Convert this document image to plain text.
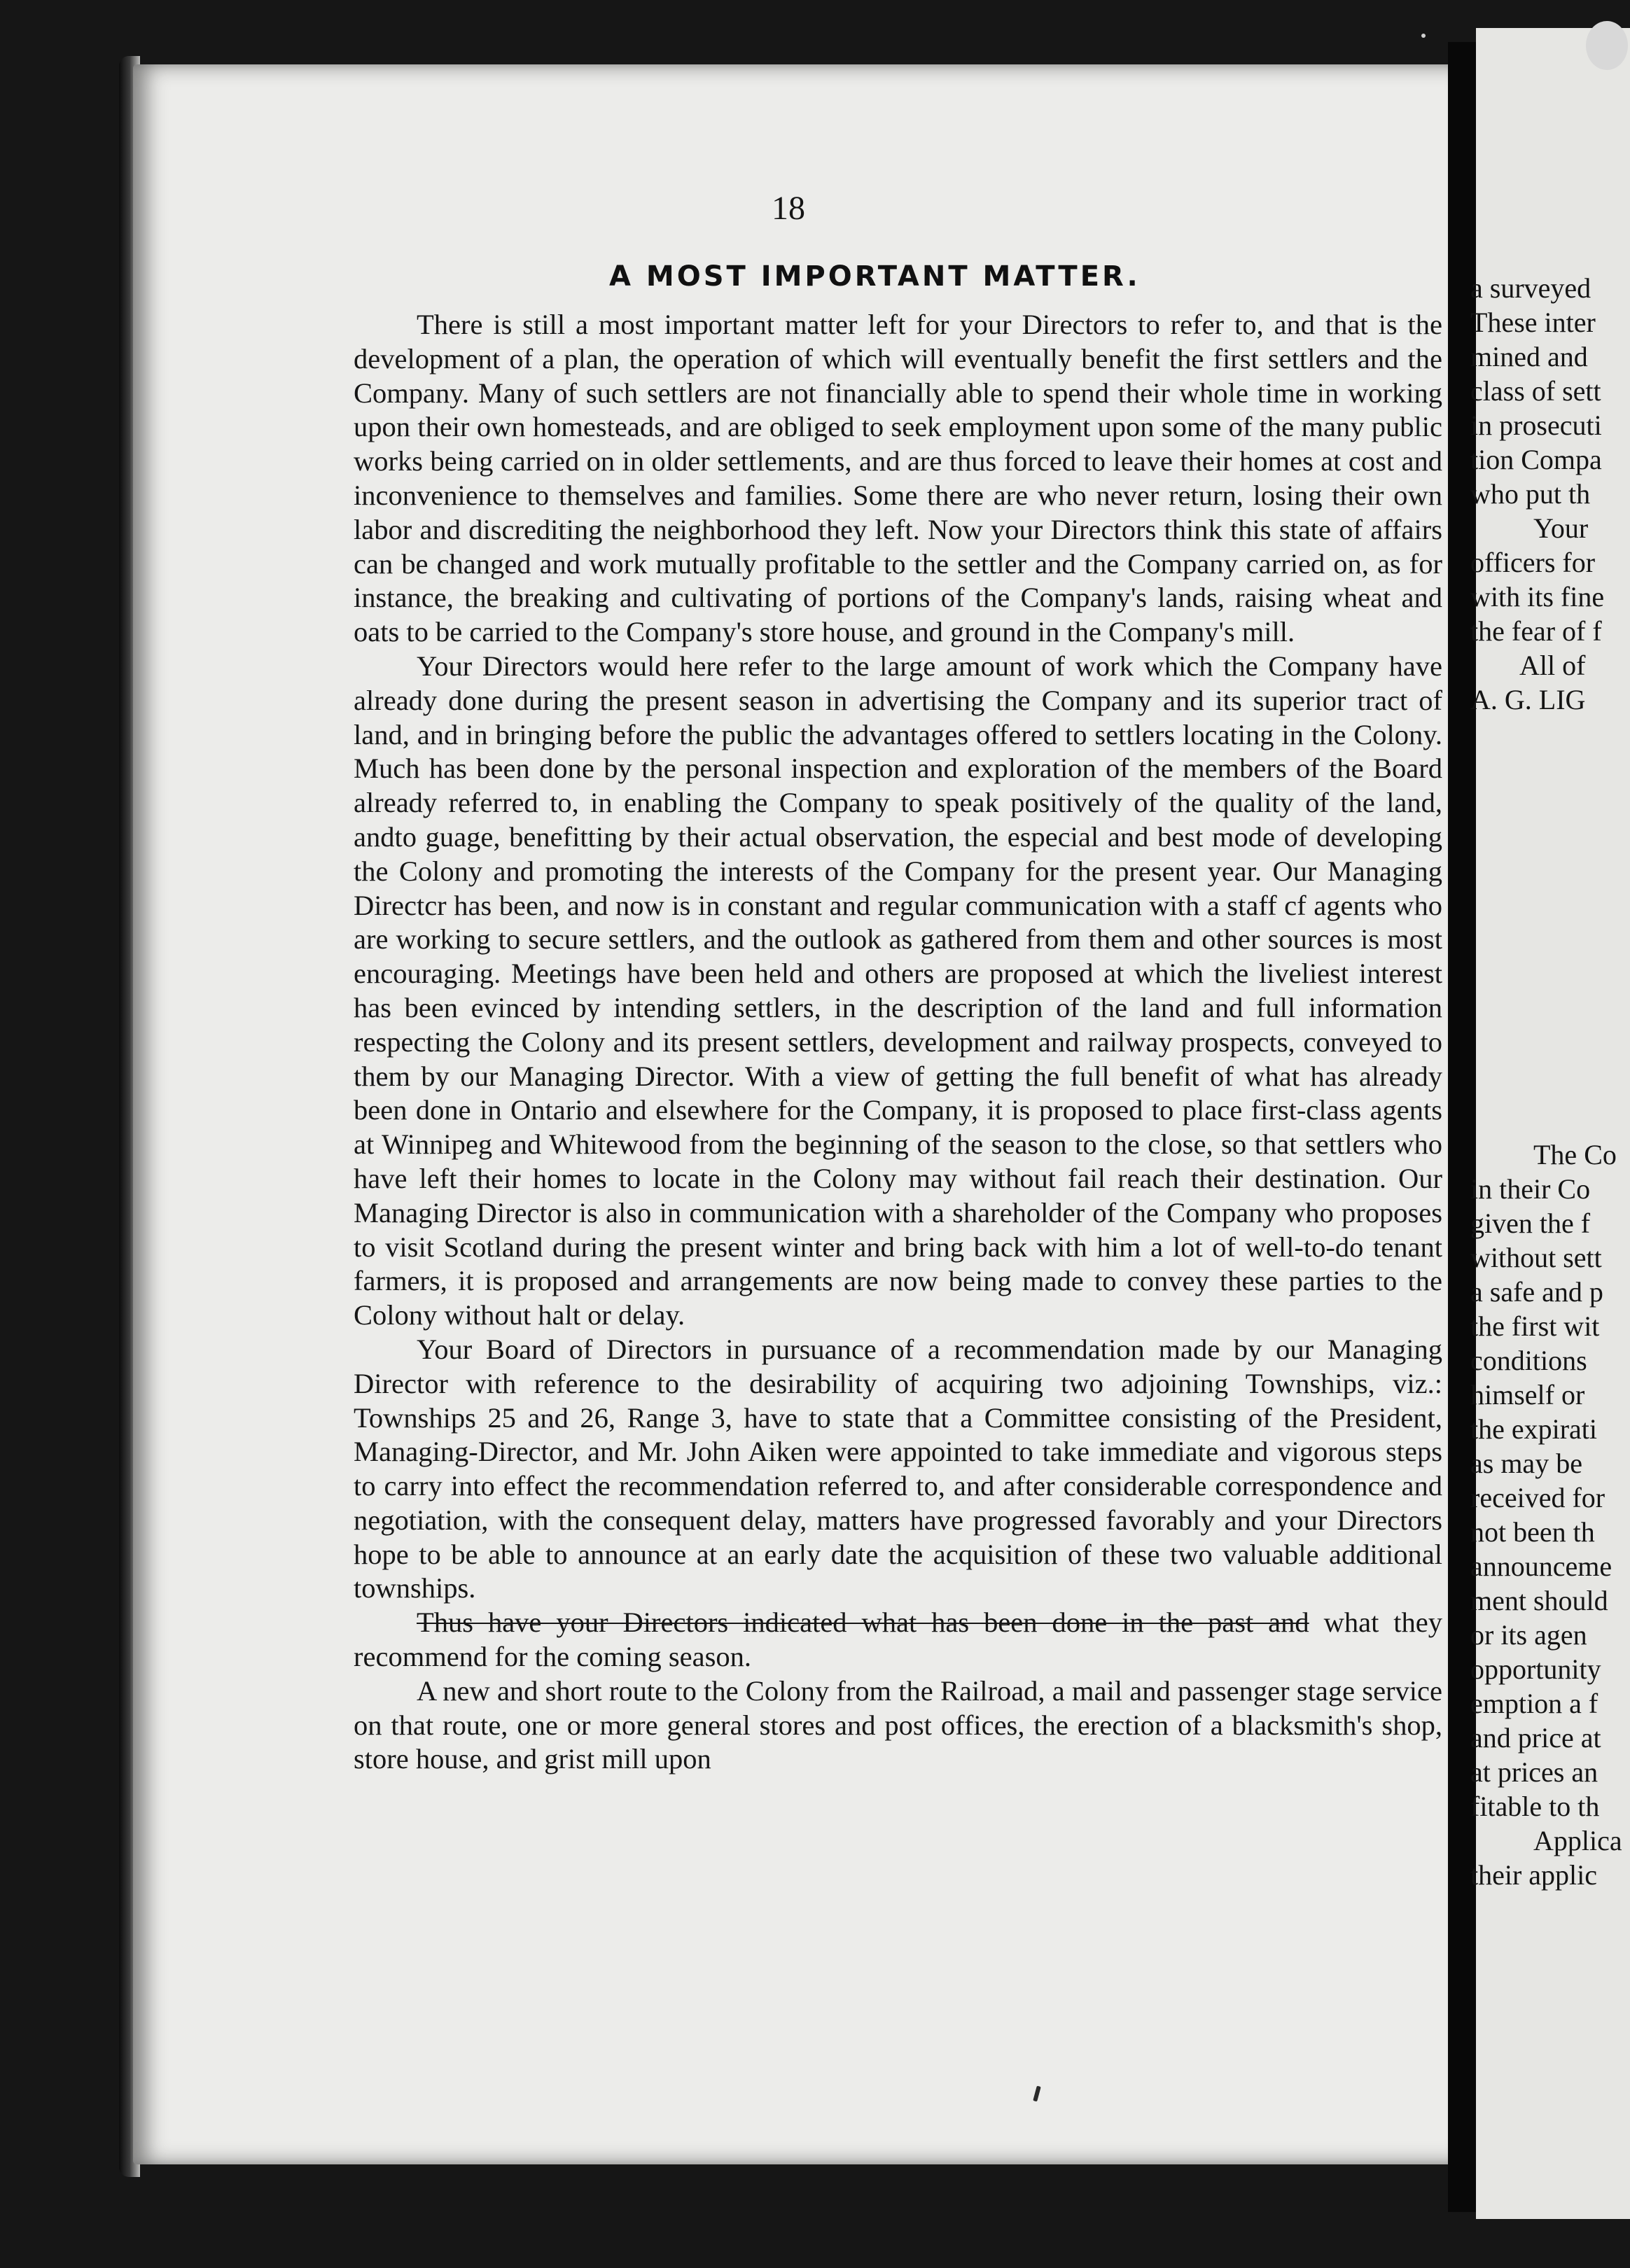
18
A MOST IMPORTANT MATTER.

There is still a most important matter left for your Directors to refer to, and that is the development of a plan, the operation of which will eventually benefit the first settlers and the Company. Many of such settlers are not financially able to spend their whole time in working upon their own homesteads, and are obliged to seek employment upon some of the many public works being carried on in older settlements, and are thus forced to leave their homes at cost and inconvenience to themselves and families. Some there are who never return, losing their own labor and discrediting the neighborhood they left. Now your Directors think this state of affairs can be changed and work mutually profitable to the settler and the Company carried on, as for instance, the breaking and cultivating of portions of the Company's lands, raising wheat and oats to be carried to the Company's store house, and ground in the Company's mill.

Your Directors would here refer to the large amount of work which the Company have already done during the present season in advertising the Company and its superior tract of land, and in bringing before the public the advantages offered to settlers locating in the Colony. Much has been done by the personal inspection and exploration of the members of the Board already referred to, in enabling the Company to speak positively of the quality of the land, andto guage, benefitting by their actual observation, the especial and best mode of developing the Colony and promoting the interests of the Company for the present year. Our Managing Directcr has been, and now is in constant and regular communication with a staff cf agents who are working to secure settlers, and the outlook as gathered from them and other sources is most encouraging. Meetings have been held and others are proposed at which the liveliest interest has been evinced by intending settlers, in the description of the land and full information respecting the Colony and its present settlers, development and railway prospects, conveyed to them by our Managing Director. With a view of getting the full benefit of what has already been done in Ontario and elsewhere for the Company, it is proposed to place first-class agents at Winnipeg and Whitewood from the beginning of the season to the close, so that settlers who have left their homes to locate in the Colony may without fail reach their destination. Our Managing Director is also in communication with a shareholder of the Company who proposes to visit Scotland during the present winter and bring back with him a lot of well-to-do tenant farmers, it is proposed and arrangements are now being made to convey these parties to the Colony without halt or delay.

Your Board of Directors in pursuance of a recommendation made by our Managing Director with reference to the desirability of acquiring two adjoining Townships, viz.: Townships 25 and 26, Range 3, have to state that a Committee consisting of the President, Managing-Director, and Mr. John Aiken were appointed to take immediate and vigorous steps to carry into effect the recommendation referred to, and after considerable correspondence and negotiation, with the consequent delay, matters have progressed favorably and your Directors hope to be able to announce at an early date the acquisition of these two valuable additional townships.

Thus have your Directors indicated what has been done in the past and what they recommend for the coming season.

A new and short route to the Colony from the Railroad, a mail and passenger stage service on that route, one or more general stores and post offices, the erection of a blacksmith's shop, store house, and grist mill upon

a surveyed
These inter
mined and
class of sett
in prosecuti
tion Compa
who put th
Your
officers for
with its fine
the fear of f
All of
A. G. LIG
The Co
in their Co
given the f
without sett
a safe and p
the first wit
conditions
himself or
the expirati
as may be
received for
not been th
announceme
ment should
or its agen
opportunity
emption a f
and price at
at prices an
fitable to th
Applica
their applic
